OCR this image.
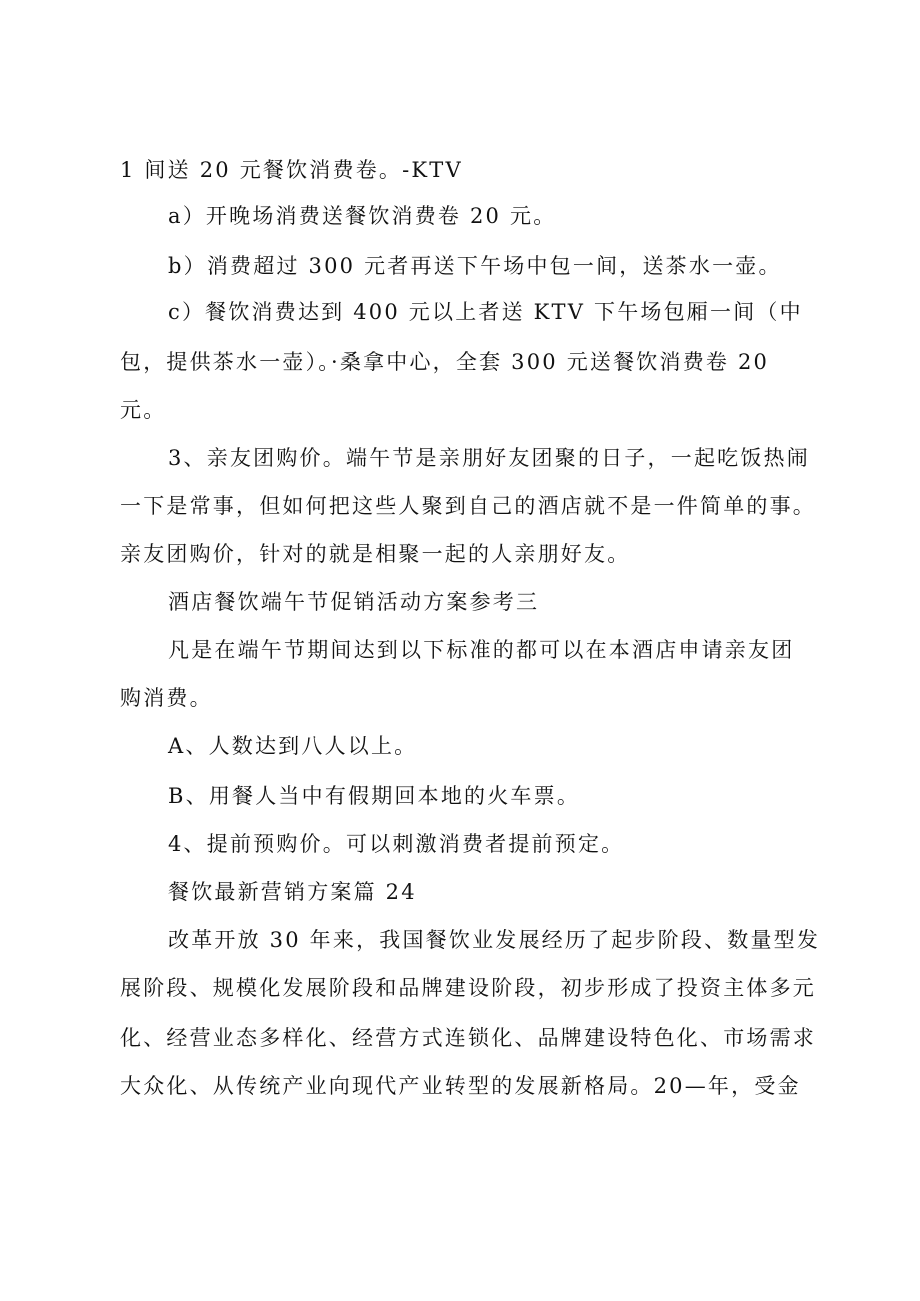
1 间送 20 元餐饮消费卷。-KTV
a）开晚场消费送餐饮消费卷 20 元。
b）消费超过 300 元者再送下午场中包一间，送茶水一壶。
c）餐饮消费达到 400 元以上者送 KTV 下午场包厢一间（中
包，提供茶水一壶）。·桑拿中心，全套 300 元送餐饮消费卷 20
元。
3、亲友团购价。端午节是亲朋好友团聚的日子，一起吃饭热闹
一下是常事，但如何把这些人聚到自己的酒店就不是一件简单的事。
亲友团购价，针对的就是相聚一起的人亲朋好友。
酒店餐饮端午节促销活动方案参考三
凡是在端午节期间达到以下标准的都可以在本酒店申请亲友团
购消费。
A、人数达到八人以上。
B、用餐人当中有假期回本地的火车票。
4、提前预购价。可以刺激消费者提前预定。
餐饮最新营销方案篇 24
改革开放 30 年来，我国餐饮业发展经历了起步阶段、数量型发
展阶段、规模化发展阶段和品牌建设阶段，初步形成了投资主体多元
化、经营业态多样化、经营方式连锁化、品牌建设特色化、市场需求
大众化、从传统产业向现代产业转型的发展新格局。20—年，受金
